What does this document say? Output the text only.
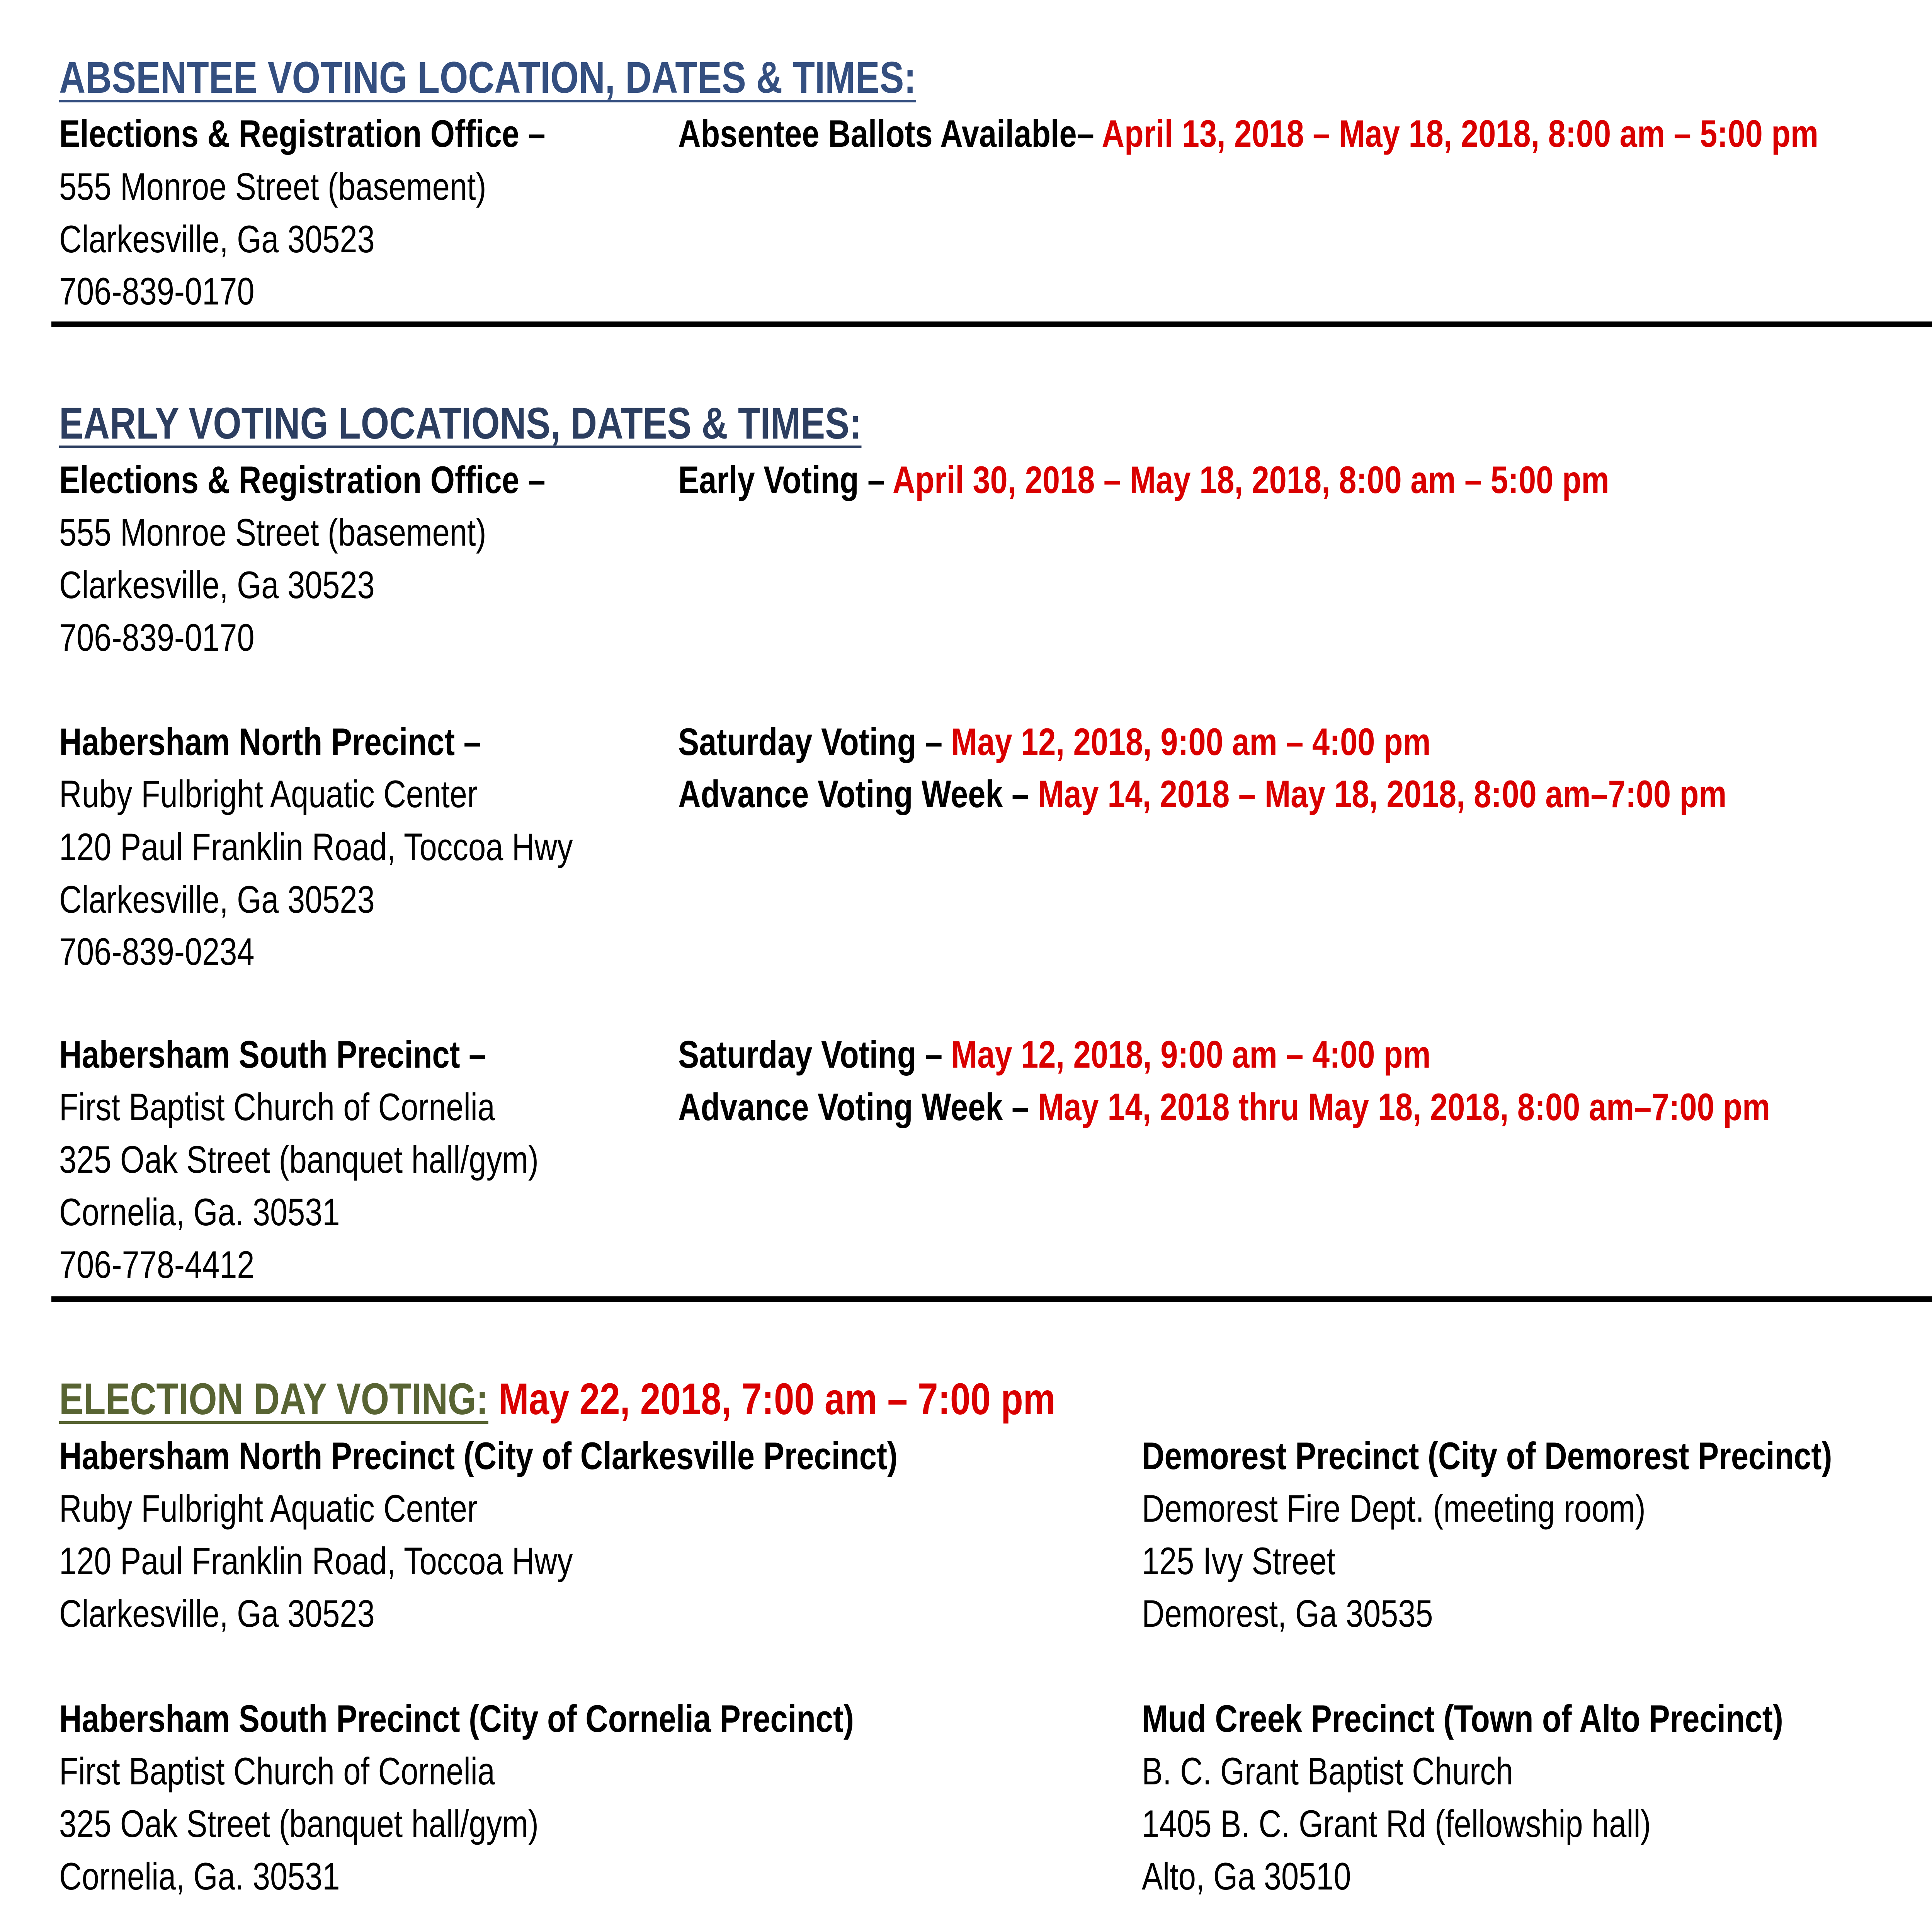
ABSENTEE VOTING LOCATION, DATES & TIMES:
Elections & Registration Office –	Absentee Ballots Available– April 13, 2018 – May 18, 2018, 8:00 am – 5:00 pm
555 Monroe Street (basement)
Clarkesville, Ga 30523
706-839-0170
EARLY VOTING LOCATIONS, DATES & TIMES:
Elections & Registration Office –	Early Voting – April 30, 2018 – May 18, 2018, 8:00 am – 5:00 pm
555 Monroe Street (basement)
Clarkesville, Ga 30523
706-839-0170
Habersham North Precinct –	Saturday Voting – May 12, 2018, 9:00 am – 4:00 pm
Ruby Fulbright Aquatic Center	Advance Voting Week – May 14, 2018 – May 18, 2018, 8:00 am–7:00 pm
120 Paul Franklin Road, Toccoa Hwy
Clarkesville, Ga 30523
706-839-0234
Habersham South Precinct –	Saturday Voting – May 12, 2018, 9:00 am – 4:00 pm
First Baptist Church of Cornelia	Advance Voting Week – May 14, 2018 thru May 18, 2018, 8:00 am–7:00 pm
325 Oak Street (banquet hall/gym)
Cornelia, Ga. 30531
706-778-4412
ELECTION DAY VOTING: May 22, 2018, 7:00 am – 7:00 pm
Habersham North Precinct (City of Clarkesville Precinct)
Ruby Fulbright Aquatic Center
120 Paul Franklin Road, Toccoa Hwy
Clarkesville, Ga 30523
Demorest Precinct (City of Demorest Precinct)
Demorest Fire Dept. (meeting room)
125 Ivy Street
Demorest, Ga 30535
Habersham South Precinct (City of Cornelia Precinct)
First Baptist Church of Cornelia
325 Oak Street (banquet hall/gym)
Cornelia, Ga. 30531
Mud Creek Precinct (Town of Alto Precinct)
B. C. Grant Baptist Church
1405 B. C. Grant Rd (fellowship hall)
Alto, Ga 30510
